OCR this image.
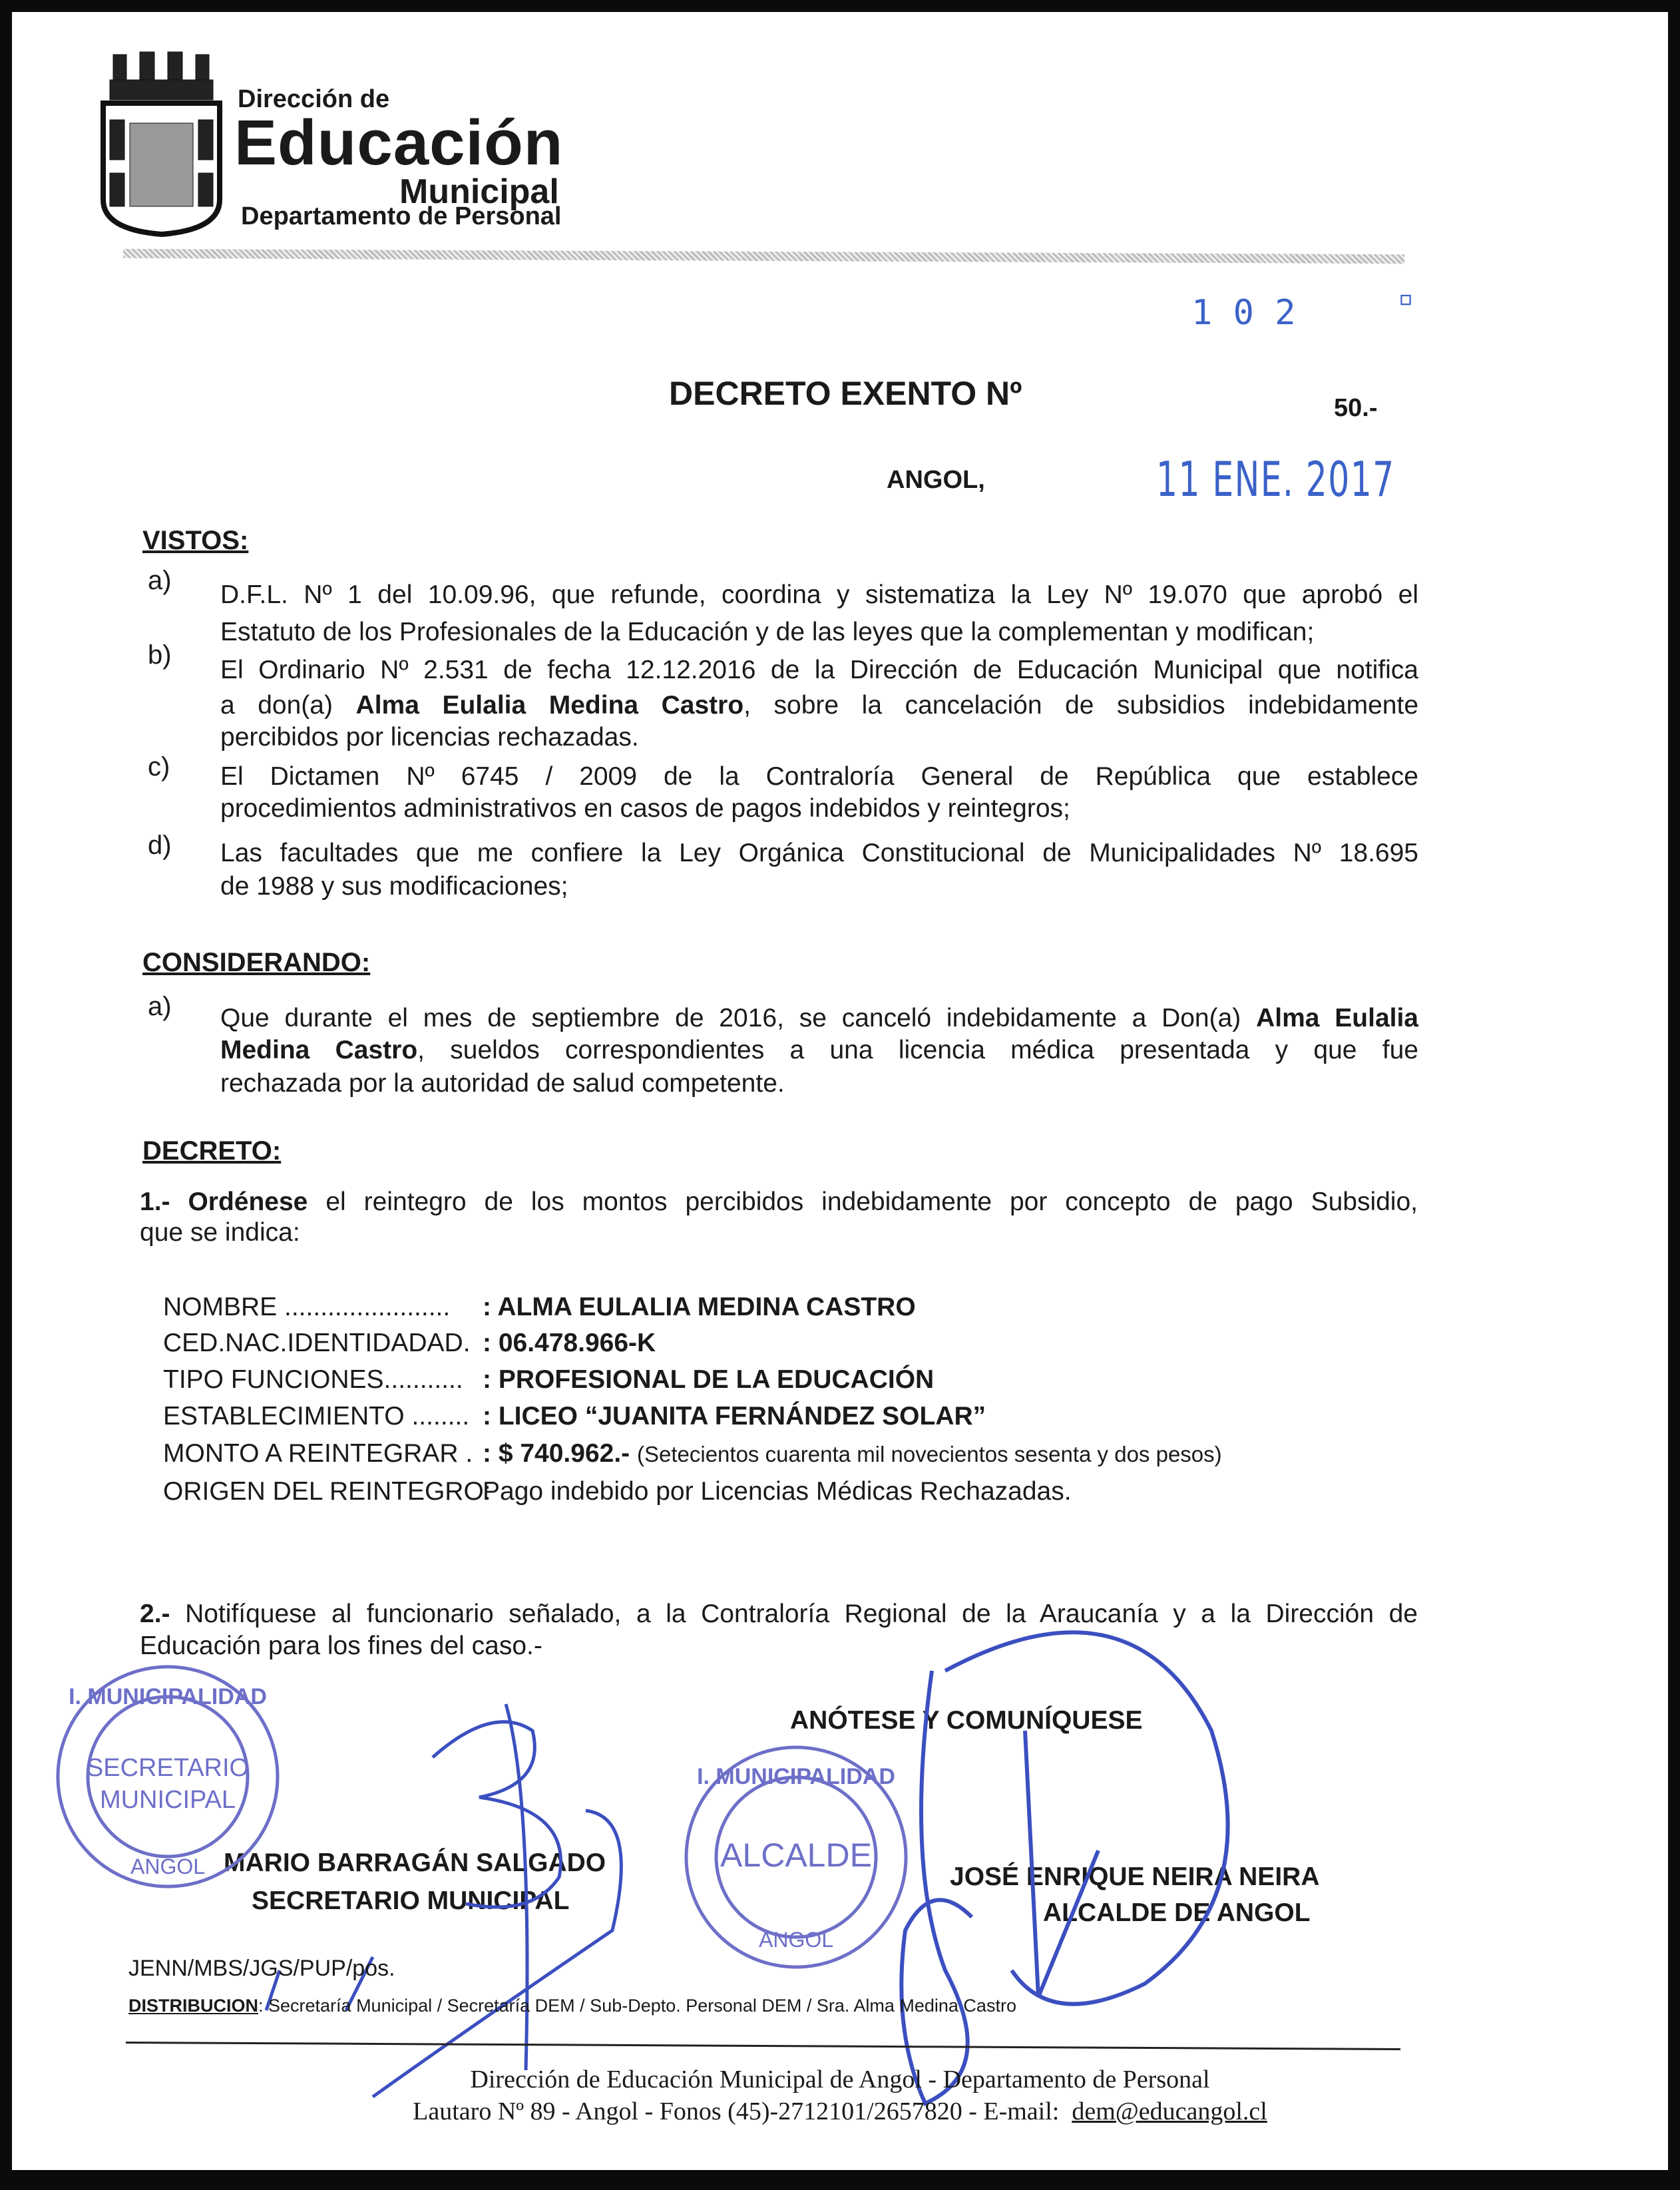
Dirección de
Educación
Municipal
Departamento de Personal
1 0 2	▫
DECRETO EXENTO Nº	50.-
ANGOL,	11 ENE. 2017
VISTOS:
a) D.F.L. Nº 1 del 10.09.96, que refunde, coordina y sistematiza la Ley Nº 19.070 que aprobó el
Estatuto de los Profesionales de la Educación y de las leyes que la complementan y modifican;
b)
El Ordinario Nº 2.531 de fecha 12.12.2016 de la Dirección de Educación Municipal que notifica
a don(a) Alma Eulalia Medina Castro, sobre la cancelación de subsidios indebidamente
percibidos por licencias rechazadas.
c) El Dictamen Nº 6745 / 2009 de la Contraloría General de República que establece
procedimientos administrativos en casos de pagos indebidos y reintegros;
d) Las facultades que me confiere la Ley Orgánica Constitucional de Municipalidades Nº 18.695
de 1988 y sus modificaciones;
CONSIDERANDO:
a) Que durante el mes de septiembre de 2016, se canceló indebidamente a Don(a) Alma Eulalia
Medina Castro, sueldos correspondientes a una licencia médica presentada y que fue
rechazada por la autoridad de salud competente.
DECRETO:
1.- Ordénese el reintegro de los montos percibidos indebidamente por concepto de pago Subsidio,
que se indica:
NOMBRE ....................... : ALMA EULALIA MEDINA CASTRO
CED.NAC.IDENTIDADAD. : 06.478.966-K
TIPO FUNCIONES........... : PROFESIONAL DE LA EDUCACIÓN
ESTABLECIMIENTO ........ : LICEO “JUANITA FERNÁNDEZ SOLAR”
MONTO A REINTEGRAR . : $ 740.962.- (Setecientos cuarenta mil novecientos sesenta y dos pesos)
ORIGEN DEL REINTEGRO:Pago indebido por Licencias Médicas Rechazadas.
2.- Notifíquese al funcionario señalado, a la Contraloría Regional de la Araucanía y a la Dirección de
Educación para los fines del caso.-
ANÓTESE Y COMUNÍQUESE
MARIO BARRAGÁN SALGADO
SECRETARIO MUNICIPAL
JOSÉ ENRIQUE NEIRA NEIRA
ALCALDE DE ANGOL
I. MUNICIPALIDAD
SECRETARIO
MUNICIPAL
ANGOL
I. MUNICIPALIDAD
ALCALDE
ANGOL
JENN/MBS/JGS/PUP/pos.
DISTRIBUCION: Secretaría Municipal / Secretaría DEM / Sub-Depto. Personal DEM / Sra. Alma Medina Castro
Dirección de Educación Municipal de Angol - Departamento de Personal
Lautaro Nº 89 - Angol - Fonos (45)-2712101/2657820 - E-mail: dem@educangol.cl
